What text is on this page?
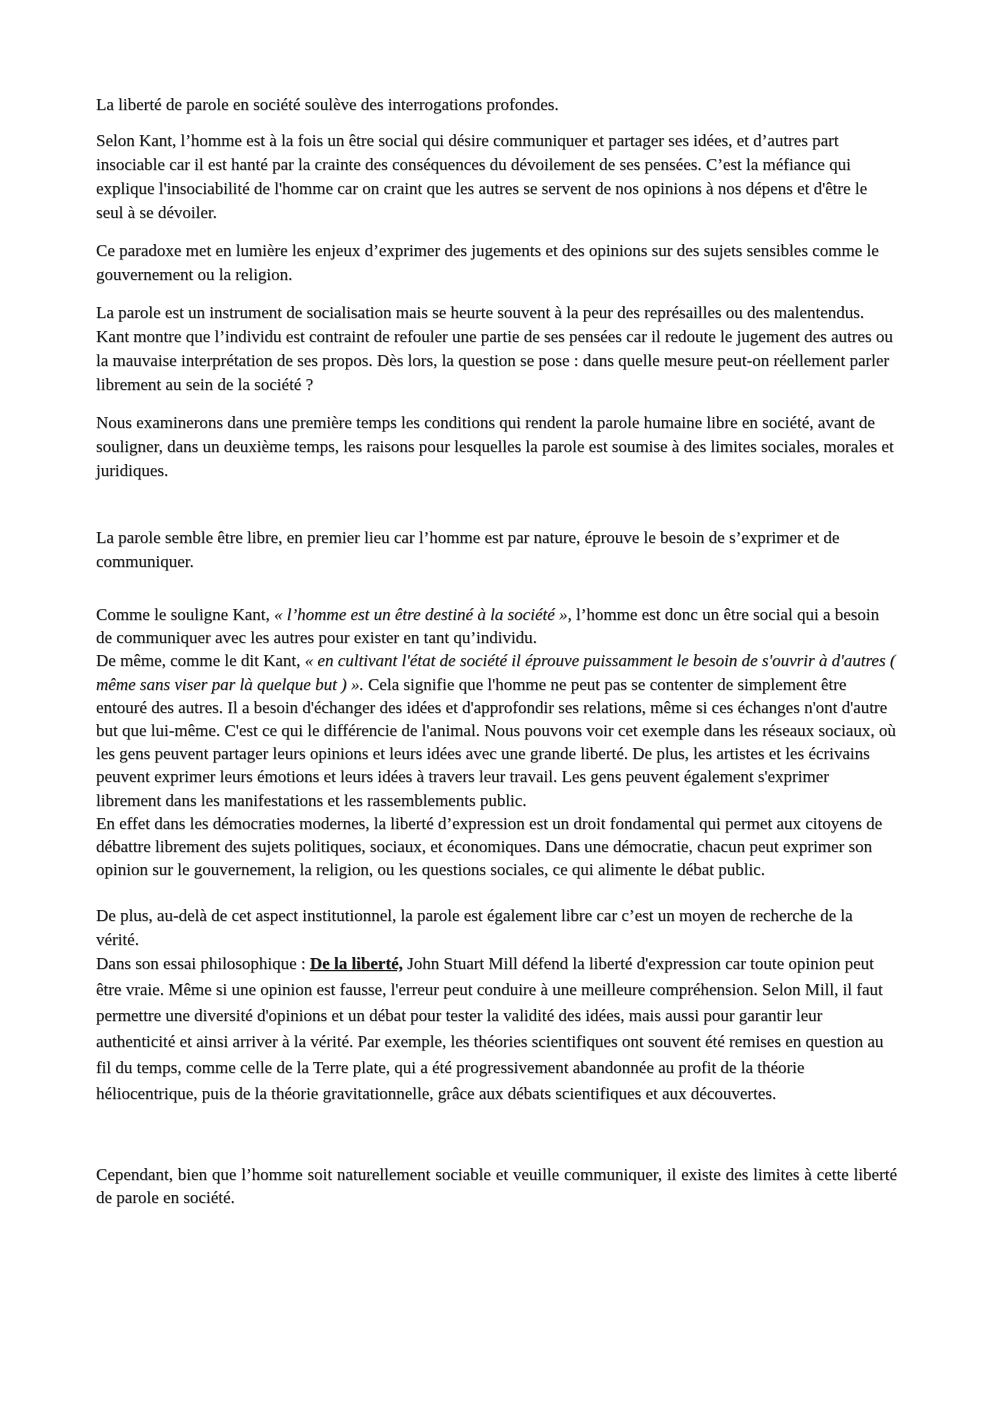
La liberté de parole en société soulève des interrogations profondes.

Selon Kant, l’homme est à la fois un être social qui désire communiquer et partager ses idées, et d’autres part insociable car il est hanté par la crainte des conséquences du dévoilement de ses pensées. C’est la méfiance qui explique l'insociabilité de l'homme car on craint que les autres se servent de nos opinions à nos dépens et d'être le seul à se dévoiler.

Ce paradoxe met en lumière les enjeux d’exprimer des jugements et des opinions sur des sujets sensibles comme le gouvernement ou la religion.

La parole est un instrument de socialisation mais se heurte souvent à la peur des représailles ou des malentendus. Kant montre que l’individu est contraint de refouler une partie de ses pensées car il redoute le jugement des autres ou la mauvaise interprétation de ses propos. Dès lors, la question se pose : dans quelle mesure peut-on réellement parler librement au sein de la société ?

Nous examinerons dans une première temps les conditions qui rendent la parole humaine libre en société, avant de souligner, dans un deuxième temps, les raisons pour lesquelles la parole est soumise à des limites sociales, morales et juridiques.

La parole semble être libre, en premier lieu car l’homme est par nature, éprouve le besoin de s’exprimer et de communiquer.

Comme le souligne Kant, « l’homme est un être destiné à la société », l’homme est donc un être social qui a besoin de communiquer avec les autres pour exister en tant qu’individu.

De même, comme le dit Kant, « en cultivant l'état de société il éprouve puissamment le besoin de s'ouvrir à d'autres ( même sans viser par là quelque but ) ». Cela signifie que l'homme ne peut pas se contenter de simplement être entouré des autres. Il a besoin d'échanger des idées et d'approfondir ses relations, même si ces échanges n'ont d'autre but que lui-même. C'est ce qui le différencie de l'animal. Nous pouvons voir cet exemple dans les réseaux sociaux, où les gens peuvent partager leurs opinions et leurs idées avec une grande liberté. De plus, les artistes et les écrivains peuvent exprimer leurs émotions et leurs idées à travers leur travail. Les gens peuvent également s'exprimer librement dans les manifestations et les rassemblements public.

En effet dans les démocraties modernes, la liberté d’expression est un droit fondamental qui permet aux citoyens de débattre librement des sujets politiques, sociaux, et économiques. Dans une démocratie, chacun peut exprimer son opinion sur le gouvernement, la religion, ou les questions sociales, ce qui alimente le débat public.

De plus, au-delà de cet aspect institutionnel, la parole est également libre car c’est un moyen de recherche de la vérité.

Dans son essai philosophique : De la liberté, John Stuart Mill défend la liberté d'expression car toute opinion peut être vraie. Même si une opinion est fausse, l'erreur peut conduire à une meilleure compréhension. Selon Mill, il faut permettre une diversité d'opinions et un débat pour tester la validité des idées, mais aussi pour garantir leur authenticité et ainsi arriver à la vérité. Par exemple, les théories scientifiques ont souvent été remises en question au fil du temps, comme celle de la Terre plate, qui a été progressivement abandonnée au profit de la théorie héliocentrique, puis de la théorie gravitationnelle, grâce aux débats scientifiques et aux découvertes.

Cependant, bien que l’homme soit naturellement sociable et veuille communiquer, il existe des limites à cette liberté de parole en société.
